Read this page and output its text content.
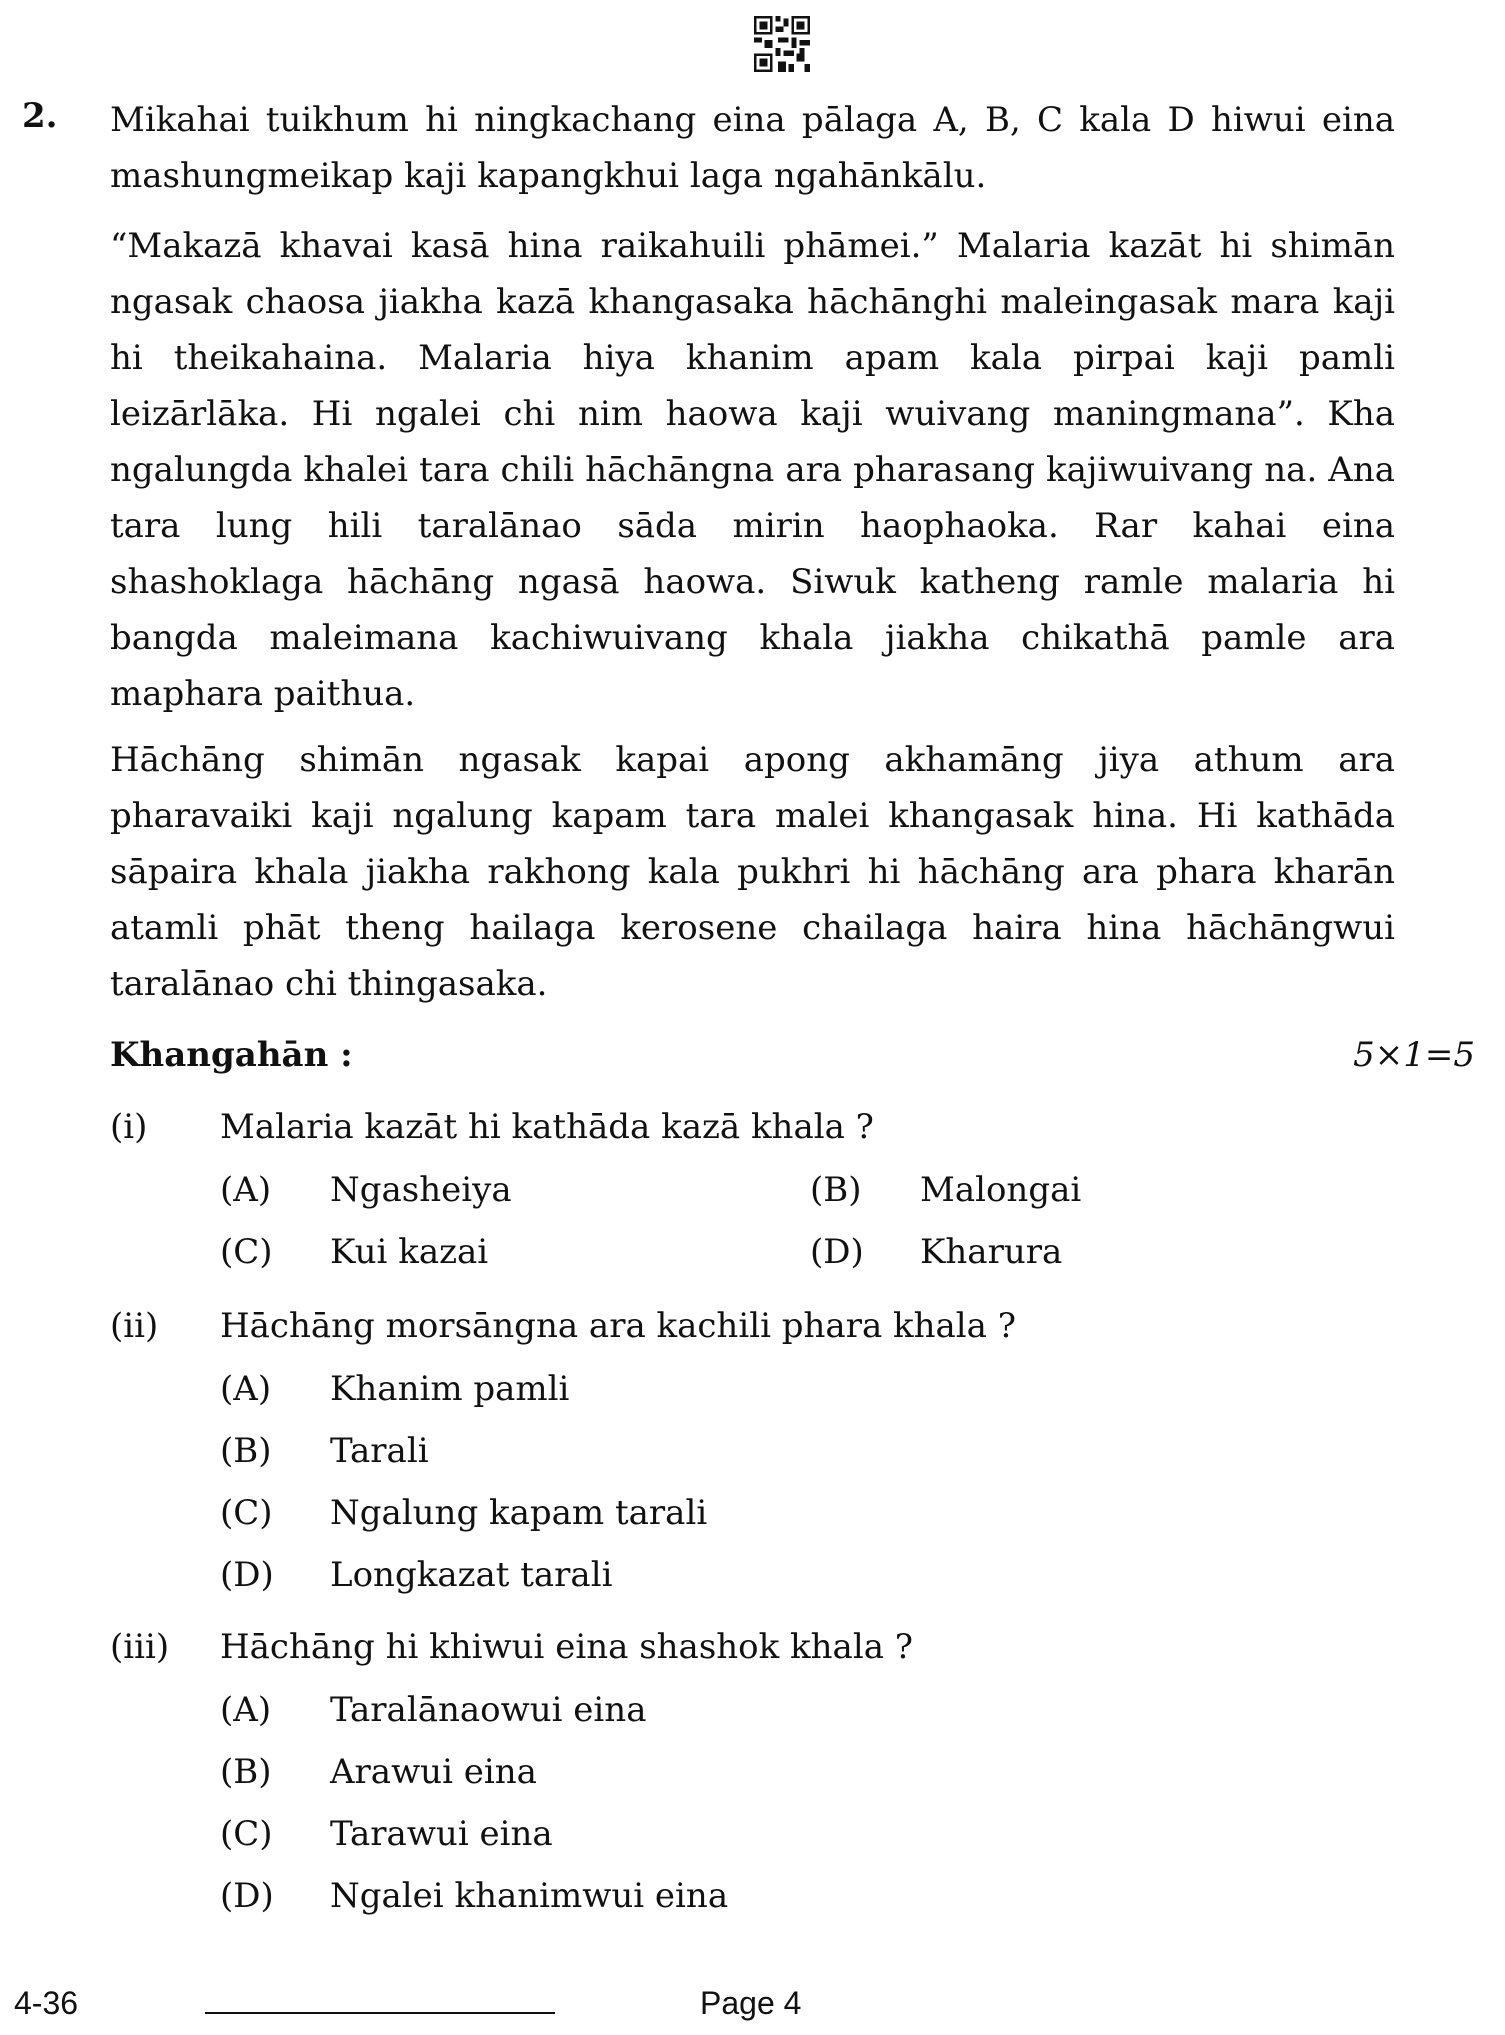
2. Mikahai tuikhum hi ningkachang eina pālaga A, B, C kala D hiwui eina
mashungmeikap kaji kapangkhui laga ngahānkālu.
“Makazā khavai kasā hina raikahuili phāmei.” Malaria kazāt hi shimān
ngasak chaosa jiakha kazā khangasaka hāchānghi maleingasak mara kaji
hi theikahaina. Malaria hiya khanim apam kala pirpai kaji pamli
leizārlāka. Hi ngalei chi nim haowa kaji wuivang maningmana”. Kha
ngalungda khalei tara chili hāchāngna ara pharasang kajiwuivang na. Ana
tara lung hili taralānao sāda mirin haophaoka. Rar kahai eina
shashoklaga hāchāng ngasā haowa. Siwuk katheng ramle malaria hi
bangda maleimana kachiwuivang khala jiakha chikathā pamle ara
maphara paithua.
Hāchāng shimān ngasak kapai apong akhamāng jiya athum ara
pharavaiki kaji ngalung kapam tara malei khangasak hina. Hi kathāda
sāpaira khala jiakha rakhong kala pukhri hi hāchāng ara phara kharān
atamli phāt theng hailaga kerosene chailaga haira hina hāchāngwui
taralānao chi thingasaka.
Khangahān :	5×1=5
(i) Malaria kazāt hi kathāda kazā khala ?
(A) Ngasheiya	(B) Malongai
(C) Kui kazai	(D) Kharura
(ii) Hāchāng morsāngna ara kachili phara khala ?
(A) Khanim pamli
(B) Tarali
(C) Ngalung kapam tarali
(D) Longkazat tarali
(iii) Hāchāng hi khiwui eina shashok khala ?
(A) Taralānaowui eina
(B) Arawui eina
(C) Tarawui eina
(D) Ngalei khanimwui eina
4-36	Page 4
